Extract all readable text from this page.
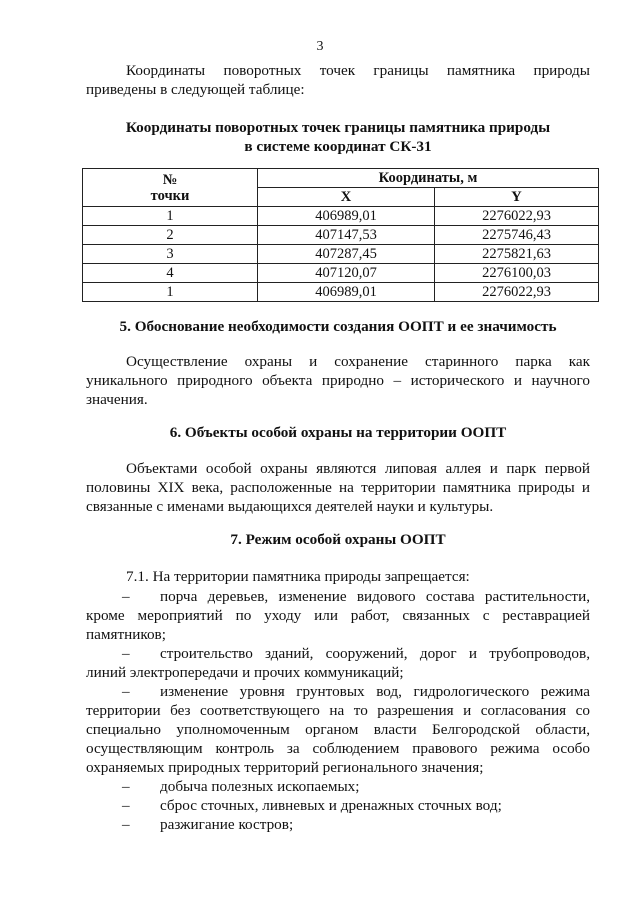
3

Координаты поворотных точек границы памятника природы приведены в следующей таблице:

Координаты поворотных точек границы памятника природы
в системе координат СК-31
№
точки	Координаты, м	
	X	Y
1	406989,01	2276022,93
2	407147,53	2275746,43
3	407287,45	2275821,63
4	407120,07	2276100,03
1	406989,01	2276022,93
5. Обоснование необходимости создания ООПТ и ее значимость

Осуществление охраны и сохранение старинного парка как уникального природного объекта природно – исторического и научного значения.

6. Объекты особой охраны на территории ООПТ

Объектами особой охраны являются липовая аллея и парк первой половины XIX века, расположенные на территории памятника природы и связанные с именами выдающихся деятелей науки и культуры.

7. Режим особой охраны ООПТ
7.1. На территории памятника природы запрещается:
–	порча деревьев, изменение видового состава растительности, кроме мероприятий по уходу или работ, связанных с реставрацией памятников;
–	строительство зданий, сооружений, дорог и трубопроводов, линий электропередачи и прочих коммуникаций;
–	изменение уровня грунтовых вод, гидрологического режима территории без соответствующего на то разрешения и согласования со специально уполномоченным органом власти Белгородской области, осуществляющим контроль за соблюдением правового режима особо охраняемых природных территорий регионального значения;
–	добыча полезных ископаемых;
–	сброс сточных, ливневых и дренажных сточных вод;
–	разжигание костров;
